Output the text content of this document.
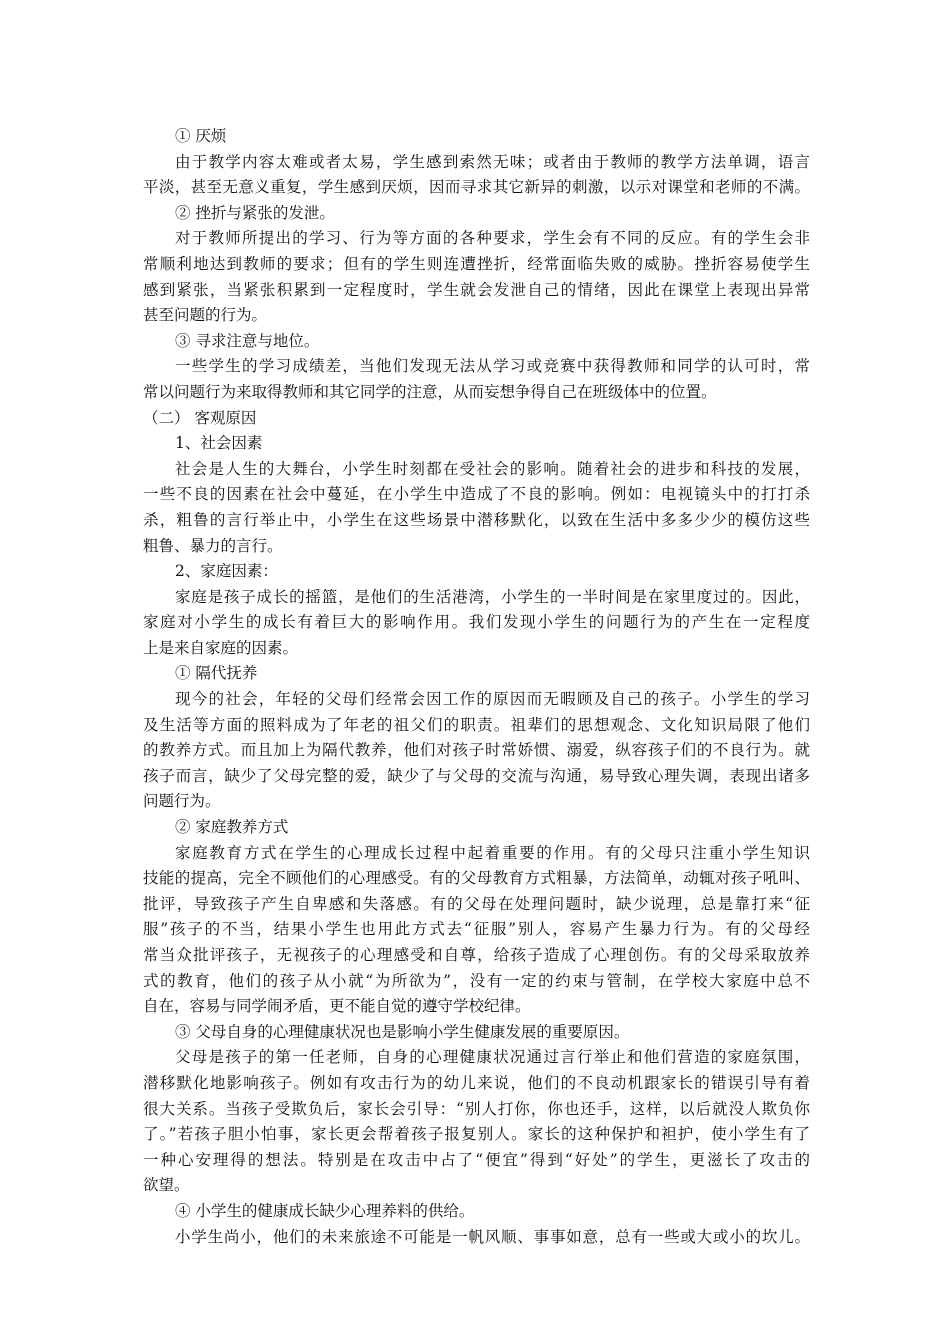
① 厌烦
由于教学内容太难或者太易，学生感到索然无味；或者由于教师的教学方法单调，语言
平淡，甚至无意义重复，学生感到厌烦，因而寻求其它新异的刺激，以示对课堂和老师的不满。
② 挫折与紧张的发泄。
对于教师所提出的学习、行为等方面的各种要求，学生会有不同的反应。有的学生会非
常顺利地达到教师的要求；但有的学生则连遭挫折，经常面临失败的威胁。挫折容易使学生
感到紧张，当紧张积累到一定程度时，学生就会发泄自己的情绪，因此在课堂上表现出异常
甚至问题的行为。
③ 寻求注意与地位。
一些学生的学习成绩差，当他们发现无法从学习或竞赛中获得教师和同学的认可时，常
常以问题行为来取得教师和其它同学的注意，从而妄想争得自己在班级体中的位置。
（二） 客观原因
1、社会因素
社会是人生的大舞台，小学生时刻都在受社会的影响。随着社会的进步和科技的发展，
一些不良的因素在社会中蔓延，在小学生中造成了不良的影响。例如：电视镜头中的打打杀
杀，粗鲁的言行举止中，小学生在这些场景中潜移默化，以致在生活中多多少少的模仿这些
粗鲁、暴力的言行。
2、家庭因素：
家庭是孩子成长的摇篮，是他们的生活港湾，小学生的一半时间是在家里度过的。因此，
家庭对小学生的成长有着巨大的影响作用。我们发现小学生的问题行为的产生在一定程度
上是来自家庭的因素。
① 隔代抚养
现今的社会，年轻的父母们经常会因工作的原因而无暇顾及自己的孩子。小学生的学习
及生活等方面的照料成为了年老的祖父们的职责。祖辈们的思想观念、文化知识局限了他们
的教养方式。而且加上为隔代教养，他们对孩子时常娇惯、溺爱，纵容孩子们的不良行为。就
孩子而言，缺少了父母完整的爱，缺少了与父母的交流与沟通，易导致心理失调，表现出诸多
问题行为。
② 家庭教养方式
家庭教育方式在学生的心理成长过程中起着重要的作用。有的父母只注重小学生知识
技能的提高，完全不顾他们的心理感受。有的父母教育方式粗暴，方法简单，动辄对孩子吼叫、
批评，导致孩子产生自卑感和失落感。有的父母在处理问题时，缺少说理，总是靠打来“征
服”孩子的不当，结果小学生也用此方式去“征服”别人，容易产生暴力行为。有的父母经
常当众批评孩子，无视孩子的心理感受和自尊，给孩子造成了心理创伤。有的父母采取放养
式的教育，他们的孩子从小就“为所欲为”，没有一定的约束与管制，在学校大家庭中总不
自在，容易与同学闹矛盾，更不能自觉的遵守学校纪律。
③ 父母自身的心理健康状况也是影响小学生健康发展的重要原因。
父母是孩子的第一任老师，自身的心理健康状况通过言行举止和他们营造的家庭氛围，
潜移默化地影响孩子。例如有攻击行为的幼儿来说，他们的不良动机跟家长的错误引导有着
很大关系。当孩子受欺负后，家长会引导：“别人打你，你也还手，这样，以后就没人欺负你
了。”若孩子胆小怕事，家长更会帮着孩子报复别人。家长的这种保护和袒护，使小学生有了
一种心安理得的想法。特别是在攻击中占了“便宜”得到“好处”的学生，更滋长了攻击的
欲望。
④ 小学生的健康成长缺少心理养料的供给。
小学生尚小，他们的未来旅途不可能是一帆风顺、事事如意，总有一些或大或小的坎儿。
